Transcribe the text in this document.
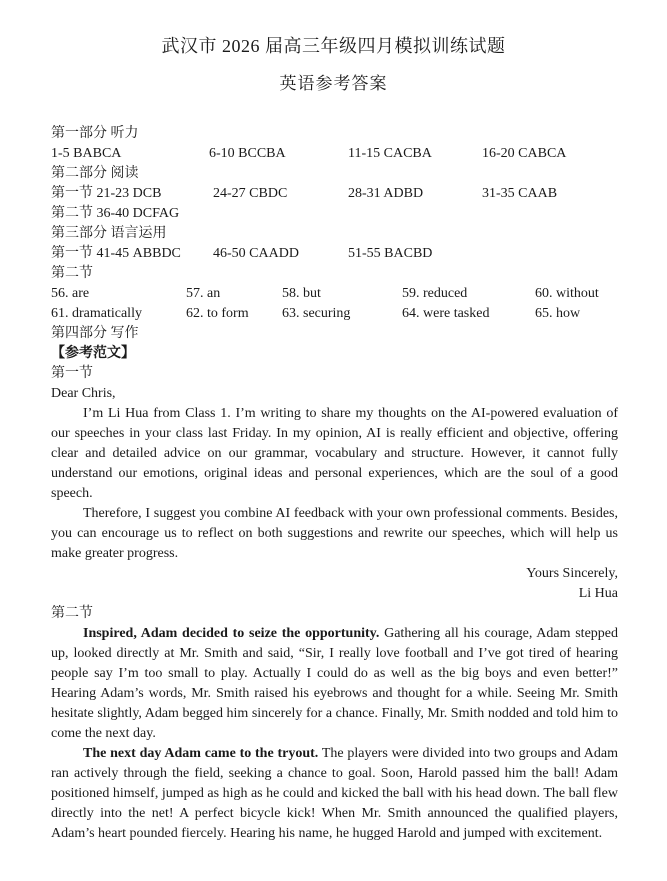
武汉市 2026 届高三年级四月模拟训练试题
英语参考答案
第一部分 听力
1-5 BABCA	6-10 BCCBA	11-15 CACBA	16-20 CABCA
第二部分 阅读
第一节 21-23 DCB	24-27 CBDC	28-31 ADBD	31-35 CAAB
第二节 36-40 DCFAG
第三部分 语言运用
第一节 41-45 ABBDC	46-50 CAADD	51-55 BACBD
第二节
56. are	57. an	58. but	59. reduced	60. without
61. dramatically	62. to form	63. securing	64. were tasked	65. how
第四部分 写作
【参考范文】
第一节
Dear Chris,
I’m Li Hua from Class 1. I’m writing to share my thoughts on the AI-powered evaluation of our speeches in your class last Friday. In my opinion, AI is really efficient and objective, offering clear and detailed advice on our grammar, vocabulary and structure. However, it cannot fully understand our emotions, original ideas and personal experiences, which are the soul of a good speech.
Therefore, I suggest you combine AI feedback with your own professional comments. Besides, you can encourage us to reflect on both suggestions and rewrite our speeches, which will help us make greater progress.
Yours Sincerely,
Li Hua
第二节
Inspired, Adam decided to seize the opportunity. Gathering all his courage, Adam stepped up, looked directly at Mr. Smith and said, “Sir, I really love football and I’ve got tired of hearing people say I’m too small to play. Actually I could do as well as the big boys and even better!” Hearing Adam’s words, Mr. Smith raised his eyebrows and thought for a while. Seeing Mr. Smith hesitate slightly, Adam begged him sincerely for a chance. Finally, Mr. Smith nodded and told him to come the next day.
The next day Adam came to the tryout. The players were divided into two groups and Adam ran actively through the field, seeking a chance to goal. Soon, Harold passed him the ball! Adam positioned himself, jumped as high as he could and kicked the ball with his head down. The ball flew directly into the net! A perfect bicycle kick! When Mr. Smith announced the qualified players, Adam’s heart pounded fiercely. Hearing his name, he hugged Harold and jumped with excitement.
